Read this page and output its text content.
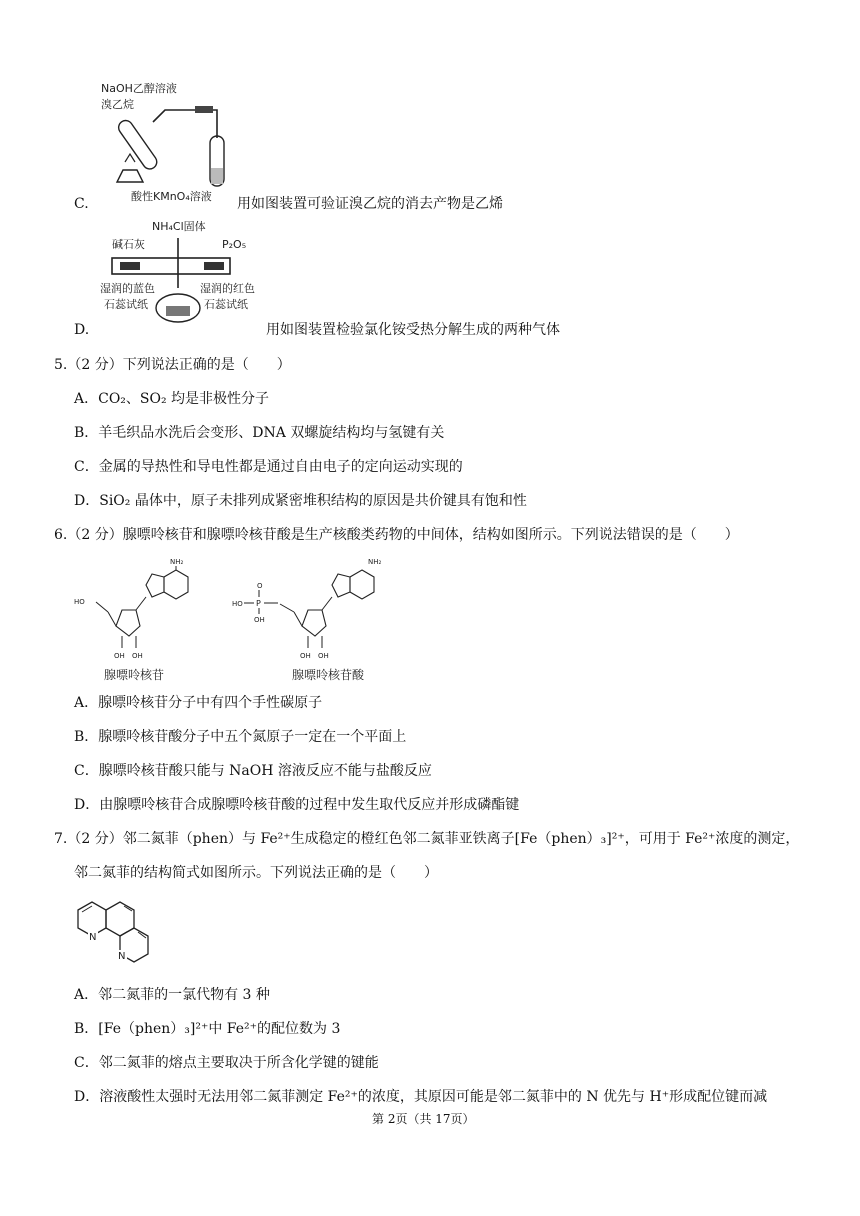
NaOH乙醇溶液
溴乙烷
酸性KMnO₄溶液
C.	用如图装置可验证溴乙烷的消去产物是乙烯
NH₄Cl固体
碱石灰	P₂O₅
湿润的蓝色
石蕊试纸
湿润的红色
石蕊试纸
D.	用如图装置检验氯化铵受热分解生成的两种气体
5.（2 分）下列说法正确的是（　　）
A．CO₂、SO₂ 均是非极性分子
B．羊毛织品水洗后会变形、DNA 双螺旋结构均与氢键有关
C．金属的导热性和导电性都是通过自由电子的定向运动实现的
D．SiO₂ 晶体中，原子未排列成紧密堆积结构的原因是共价键具有饱和性
6.（2 分）腺嘌呤核苷和腺嘌呤核苷酸是生产核酸类药物的中间体，结构如图所示。下列说法错误的是（　　）
NH₂
HO
OH OH
腺嘌呤核苷
NH₂
HO P
O
OH
OH OH
腺嘌呤核苷酸
A．腺嘌呤核苷分子中有四个手性碳原子
B．腺嘌呤核苷酸分子中五个氮原子一定在一个平面上
C．腺嘌呤核苷酸只能与 NaOH 溶液反应不能与盐酸反应
D．由腺嘌呤核苷合成腺嘌呤核苷酸的过程中发生取代反应并形成磷酯键
7.（2 分）邻二氮菲（phen）与 Fe²⁺生成稳定的橙红色邻二氮菲亚铁离子[Fe（phen）₃]²⁺，可用于 Fe²⁺浓度的测定，
邻二氮菲的结构简式如图所示。下列说法正确的是（　　）
N
N
A．邻二氮菲的一氯代物有 3 种
B．[Fe（phen）₃]²⁺中 Fe²⁺的配位数为 3
C．邻二氮菲的熔点主要取决于所含化学键的键能
D．溶液酸性太强时无法用邻二氮菲测定 Fe²⁺的浓度，其原因可能是邻二氮菲中的 N 优先与 H⁺形成配位键而减
第 2页（共 17页）
